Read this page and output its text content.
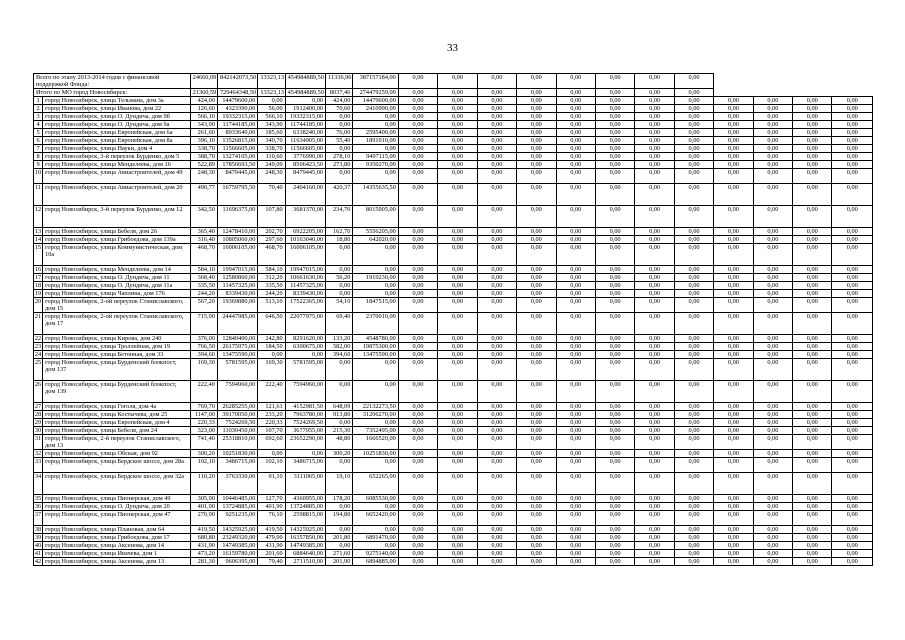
33
Всего по этапу 2013-2014 годов с финансовой поддержкой Фонда:		24660,09	842142073,50	13323,13	454984889,50	11336,96	387157184,00	0,00	0,00	0,00	0,00	0,00	0,00	0,00	0,00				
Итого по МО город Новосибирск:		21360,59	729464348,50	13323,13	454984889,50	8037,46	274479259,00	0,00	0,00	0,00	0,00	0,00	0,00	0,00	0,00				
1	город Новосибирск, улица Тельмана, дом 3а	424,00	14479600,00	0,00	0,00	424,00	14479600,00	0,00	0,00	0,00	0,00	0,00	0,00	0,00	0,00	0,00	0,00	0,00	0,00
2	город Новосибирск, улица Иванова, дом 22	126,60	4323390,00	56,00	1912400,00	70,60	2410990,00	0,00	0,00	0,00	0,00	0,00	0,00	0,00	0,00	0,00	0,00	0,00	0,00
3	город Новосибирск, улица О. Дундича, дом 9б	566,10	19332315,00	566,10	19332315,00	0,00	0,00	0,00	0,00	0,00	0,00	0,00	0,00	0,00	0,00	0,00	0,00	0,00	0,00
4	город Новосибирск, улица О. Дундича, дом 9а	343,90	11744185,00	343,90	11744185,00	0,00	0,00	0,00	0,00	0,00	0,00	0,00	0,00	0,00	0,00	0,00	0,00	0,00	0,00
5	город Новосибирск, улица Европейская, дом 6а	261,60	8933640,00	185,60	6338240,00	76,00	2595400,00	0,00	0,00	0,00	0,00	0,00	0,00	0,00	0,00	0,00	0,00	0,00	0,00
6	город Новосибирск, улица Европейская, дом 8а	396,10	13526815,00	340,70	11634905,00	55,40	1891910,00	0,00	0,00	0,00	0,00	0,00	0,00	0,00	0,00	0,00	0,00	0,00	0,00
7	город Новосибирск, улица Науки, дом 4	338,70	11566605,00	338,70	11566605,00	0,00	0,00	0,00	0,00	0,00	0,00	0,00	0,00	0,00	0,00	0,00	0,00	0,00	0,00
8	город Новосибирск, 3-й переулок Бурденко, дом 5	388,70	13274105,00	110,60	3776990,00	278,10	9497115,00	0,00	0,00	0,00	0,00	0,00	0,00	0,00	0,00	0,00	0,00	0,00	0,00
9	город Новосибирск, улица Менделеева, дом 16	522,89	17856693,50	249,09	8506423,50	273,80	9350270,00	0,00	0,00	0,00	0,00	0,00	0,00	0,00	0,00	0,00	0,00	0,00	0,00
10	город Новосибирск, улица Авиастроителей, дом 49	248,30	8479445,00	248,30	8479445,00	0,00	0,00	0,00	0,00	0,00	0,00	0,00	0,00	0,00	0,00	0,00	0,00	0,00	0,00
11	город Новосибирск, улица Авиастроителей, дом 20	490,77	16759795,50	70,40	2404160,00	420,37	14355635,50	0,00	0,00	0,00	0,00	0,00	0,00	0,00	0,00	0,00	0,00	0,00	0,00
12	город Новосибирск, 3-й переулок Бурденко, дом 12	342,50	11696375,00	107,80	3681370,00	234,70	8015005,00	0,00	0,00	0,00	0,00	0,00	0,00	0,00	0,00	0,00	0,00	0,00	0,00
13	город Новосибирск, улица Бебеля, дом 26	365,40	12478410,00	202,70	6922205,00	162,70	5556205,00	0,00	0,00	0,00	0,00	0,00	0,00	0,00	0,00	0,00	0,00	0,00	0,00
14	город Новосибирск, улица Грибоедова, дом 139а	316,40	10805060,00	297,60	10163040,00	18,80	642020,00	0,00	0,00	0,00	0,00	0,00	0,00	0,00	0,00	0,00	0,00	0,00	0,00
15	город Новосибирск, улица Коммунистическая, дом 10а	468,70	16006105,00	468,70	16006105,00	0,00	0,00	0,00	0,00	0,00	0,00	0,00	0,00	0,00	0,00	0,00	0,00	0,00	0,00
16	город Новосибирск, улица Менделеева, дом 14	584,10	19947015,00	584,10	19947015,00	0,00	0,00	0,00	0,00	0,00	0,00	0,00	0,00	0,00	0,00	0,00	0,00	0,00	0,00
17	город Новосибирск, улица О. Дундича, дом 11	368,40	12580860,00	312,20	10661630,00	56,20	1919230,00	0,00	0,00	0,00	0,00	0,00	0,00	0,00	0,00	0,00	0,00	0,00	0,00
18	город Новосибирск, улица О. Дундича, дом 11а	335,50	11457325,00	335,50	11457325,00	0,00	0,00	0,00	0,00	0,00	0,00	0,00	0,00	0,00	0,00	0,00	0,00	0,00	0,00
19	город Новосибирск, улица Чаплина, дом 176	244,20	8339430,00	244,20	8339430,00	0,00	0,00	0,00	0,00	0,00	0,00	0,00	0,00	0,00	0,00	0,00	0,00	0,00	0,00
20	город Новосибирск, 2-ой переулок Станиславского, дом 15	567,20	19369880,00	513,10	17522365,00	54,10	1847515,00	0,00	0,00	0,00	0,00	0,00	0,00	0,00	0,00	0,00	0,00	0,00	0,00
21	город Новосибирск, 2-ой переулок Станиславского, дом 17	715,90	24447985,00	646,50	22077975,00	69,40	2370010,00	0,00	0,00	0,00	0,00	0,00	0,00	0,00	0,00	0,00	0,00	0,00	0,00
22	город Новосибирск, улица Кирова, дом 240	376,00	12840400,00	242,80	8291620,00	133,20	4548780,00	0,00	0,00	0,00	0,00	0,00	0,00	0,00	0,00	0,00	0,00	0,00	0,00
23	город Новосибирск, улица Троллейная, дом 19	766,50	26175975,00	184,50	6300675,00	582,00	19875300,00	0,00	0,00	0,00	0,00	0,00	0,00	0,00	0,00	0,00	0,00	0,00	0,00
24	город Новосибирск, улица Бетонная, дом 33	394,60	13475590,00	0,00	0,00	394,60	13475590,00	0,00	0,00	0,00	0,00	0,00	0,00	0,00	0,00	0,00	0,00	0,00	0,00
25	город Новосибирск, улица Бурденский блокпост, дом 137	169,30	5781595,00	169,30	5781595,00	0,00	0,00	0,00	0,00	0,00	0,00	0,00	0,00	0,00	0,00	0,00	0,00	0,00	0,00
26	город Новосибирск, улица Бурденский блокпост, дом 139	222,40	7594960,00	222,40	7594960,00	0,00	0,00	0,00	0,00	0,00	0,00	0,00	0,00	0,00	0,00	0,00	0,00	0,00	0,00
27	город Новосибирск, улица Гоголя, дом 4а	769,70	26285255,00	121,61	4152981,50	648,09	22132273,50	0,00	0,00	0,00	0,00	0,00	0,00	0,00	0,00	0,00	0,00	0,00	0,00
28	город Новосибирск, улица Костычева, дом 25	1147,00	39170050,00	233,20	7963780,00	913,80	31206270,00	0,00	0,00	0,00	0,00	0,00	0,00	0,00	0,00	0,00	0,00	0,00	0,00
29	город Новосибирск, улица Европейская, дом 4	220,33	7524269,50	220,33	7524269,50	0,00	0,00	0,00	0,00	0,00	0,00	0,00	0,00	0,00	0,00	0,00	0,00	0,00	0,00
30	город Новосибирск, улица Бебеля, дом 24	323,00	11030450,00	107,70	3677955,00	215,30	7352495,00	0,00	0,00	0,00	0,00	0,00	0,00	0,00	0,00	0,00	0,00	0,00	0,00
31	город Новосибирск, 2-й переулок Станиславского, дом 13	741,40	25318810,00	692,60	23652290,00	48,80	1666520,00	0,00	0,00	0,00	0,00	0,00	0,00	0,00	0,00	0,00	0,00	0,00	0,00
32	город Новосибирск, улица Обская, дом 92	300,20	10251830,00	0,00	0,00	300,20	10251830,00	0,00	0,00	0,00	0,00	0,00	0,00	0,00	0,00	0,00	0,00	0,00	0,00
33	город Новосибирск, улица Бердское шоссе, дом 28а	102,10	3486715,00	102,10	3486715,00	0,00	0,00	0,00	0,00	0,00	0,00	0,00	0,00	0,00	0,00	0,00	0,00	0,00	0,00
34	город Новосибирск, улица Бердское шоссе, дом 32а	110,20	3763330,00	91,10	3111065,00	19,10	652265,00	0,00	0,00	0,00	0,00	0,00	0,00	0,00	0,00	0,00	0,00	0,00	0,00
35	город Новосибирск, улица Пионерская, дом 49	305,90	10446485,00	127,70	4360955,00	178,20	6085530,00	0,00	0,00	0,00	0,00	0,00	0,00	0,00	0,00	0,00	0,00	0,00	0,00
36	город Новосибирск, улица О. Дундича, дом 20	401,90	13724885,00	401,90	13724885,00	0,00	0,00	0,00	0,00	0,00	0,00	0,00	0,00	0,00	0,00	0,00	0,00	0,00	0,00
37	город Новосибирск, улица Пионерская, дом 47	270,90	9251235,00	76,10	2598815,00	194,80	6652420,00	0,00	0,00	0,00	0,00	0,00	0,00	0,00	0,00	0,00	0,00	0,00	0,00
38	город Новосибирск, улица Плановая, дом 64	419,50	14325925,00	419,50	14325925,00	0,00	0,00	0,00	0,00	0,00	0,00	0,00	0,00	0,00	0,00	0,00	0,00	0,00	0,00
39	город Новосибирск, улица Грибоедова, дом 17	680,80	23249320,00	479,00	16357850,00	201,80	6891470,00	0,00	0,00	0,00	0,00	0,00	0,00	0,00	0,00	0,00	0,00	0,00	0,00
40	город Новосибирск, улица Аксенова, дом 14	431,90	14749385,00	431,90	14749385,00	0,00	0,00	0,00	0,00	0,00	0,00	0,00	0,00	0,00	0,00	0,00	0,00	0,00	0,00
41	город Новосибирск, улица Ивачева, дом 1	473,20	16159780,00	201,60	6884640,00	271,60	9275140,00	0,00	0,00	0,00	0,00	0,00	0,00	0,00	0,00	0,00	0,00	0,00	0,00
42	город Новосибирск, улица Аксенова, дом 13	281,30	9606395,00	79,40	2711510,00	201,90	6894885,00	0,00	0,00	0,00	0,00	0,00	0,00	0,00	0,00	0,00	0,00	0,00	0,00
